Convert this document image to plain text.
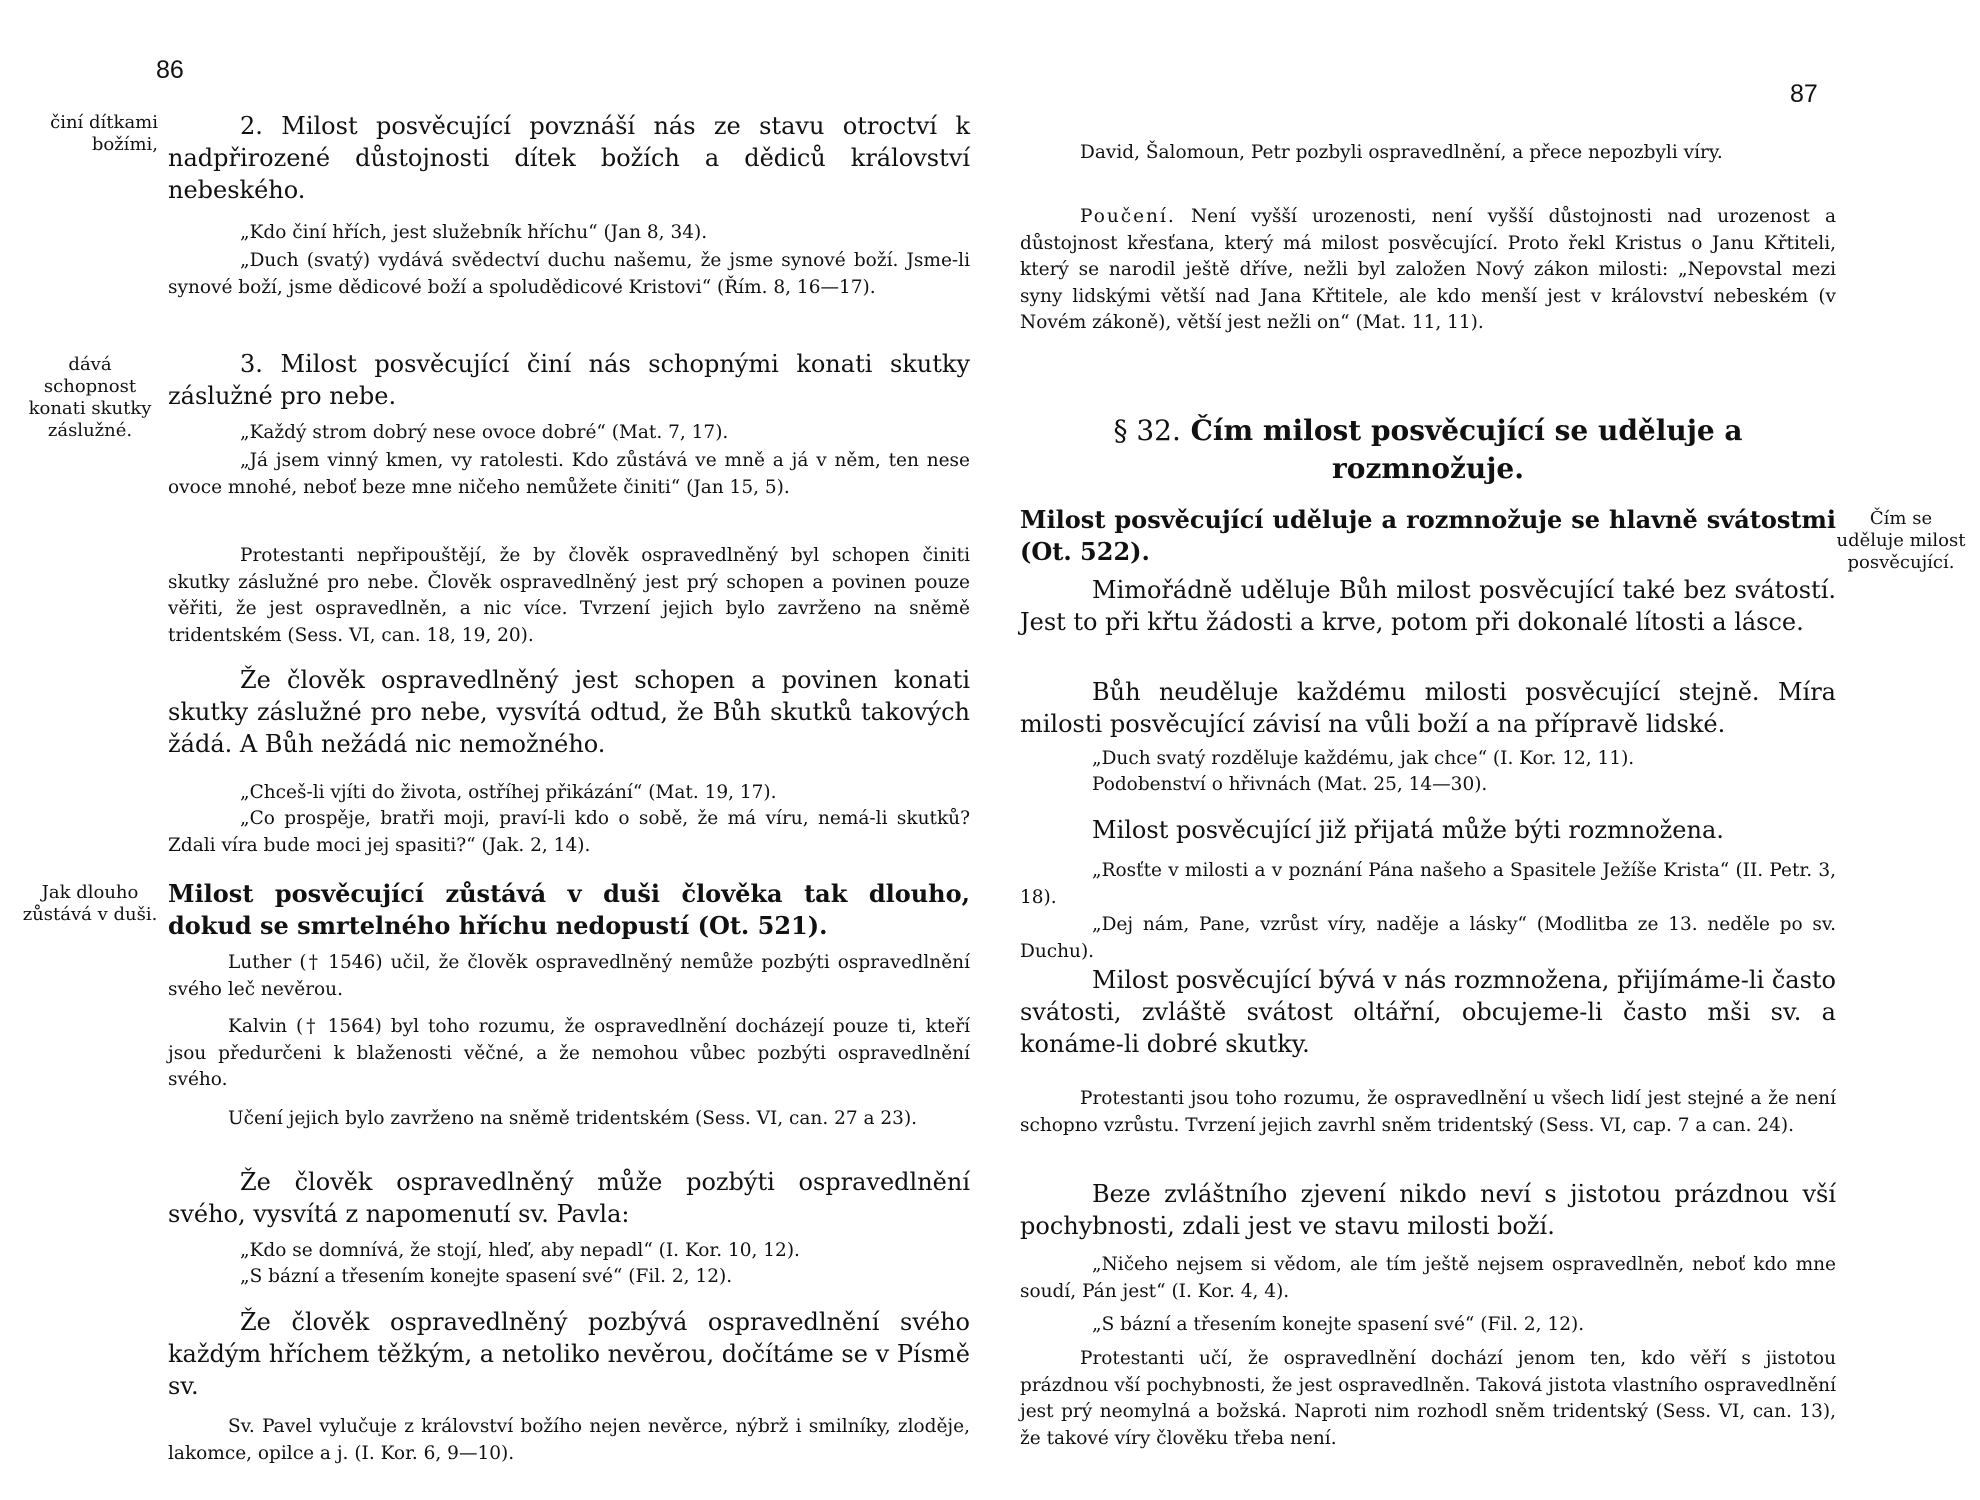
86
činí dítkami božími,
dává schopnost konati skutky záslužné.
Jak dlouho zůstává v duši.

2. Milost posvěcující povznáší nás ze stavu otroctví k nadpřirozené důstojnosti dítek božích a dědiců království nebeského.

„Kdo činí hřích, jest služebník hříchu“ (Jan 8, 34).

„Duch (svatý) vydává svědectví duchu našemu, že jsme synové boží. Jsme-li synové boží, jsme dědicové boží a spoludědicové Kristovi“ (Řím. 8, 16—17).

3. Milost posvěcující činí nás schopnými konati skutky záslužné pro nebe.

„Každý strom dobrý nese ovoce dobré“ (Mat. 7, 17).

„Já jsem vinný kmen, vy ratolesti. Kdo zůstává ve mně a já v něm, ten nese ovoce mnohé, neboť beze mne ničeho nemůžete činiti“ (Jan 15, 5).

Protestanti nepřipouštějí, že by člověk ospravedlněný byl schopen činiti skutky záslužné pro nebe. Člověk ospravedlněný jest prý schopen a povinen pouze věřiti, že jest ospravedlněn, a nic více. Tvrzení jejich bylo zavrženo na sněmě tridentském (Sess. VI, can. 18, 19, 20).

Že člověk ospravedlněný jest schopen a povinen konati skutky záslužné pro nebe, vysvítá odtud, že Bůh skutků takových žádá. A Bůh nežádá nic nemožného.

„Chceš-li vjíti do života, ostříhej přikázání“ (Mat. 19, 17).

„Co prospěje, bratři moji, praví-li kdo o sobě, že má víru, nemá-li skutků? Zdali víra bude moci jej spasiti?“ (Jak. 2, 14).

Milost posvěcující zůstává v duši člověka tak dlouho, dokud se smrtelného hříchu nedopustí (Ot. 521).

Luther († 1546) učil, že člověk ospravedlněný nemůže pozbýti ospravedlnění svého leč nevěrou.

Kalvin († 1564) byl toho rozumu, že ospravedlnění docházejí pouze ti, kteří jsou předurčeni k blaženosti věčné, a že nemohou vůbec pozbýti ospravedlnění svého.

Učení jejich bylo zavrženo na sněmě tridentském (Sess. VI, can. 27 a 23).

Že člověk ospravedlněný může pozbýti ospravedlnění svého, vysvítá z napomenutí sv. Pavla:

„Kdo se domnívá, že stojí, hleď, aby nepadl“ (I. Kor. 10, 12).

„S bázní a třesením konejte spasení své“ (Fil. 2, 12).

Že člověk ospravedlněný pozbývá ospravedlnění svého každým hříchem těžkým, a netoliko nevěrou, dočítáme se v Písmě sv.

Sv. Pavel vylučuje z království božího nejen nevěrce, nýbrž i smilníky, zloděje, lakomce, opilce a j. (I. Kor. 6, 9—10).

87
Čím se uděluje milost posvěcující.

David, Šalomoun, Petr pozbyli ospravedlnění, a přece nepozbyli víry.

Poučení. Není vyšší urozenosti, není vyšší důstojnosti nad urozenost a důstojnost křesťana, který má milost posvěcující. Proto řekl Kristus o Janu Křtiteli, který se narodil ještě dříve, nežli byl založen Nový zákon milosti: „Nepovstal mezi syny lidskými větší nad Jana Křtitele, ale kdo menší jest v království nebeském (v Novém zákoně), větší jest nežli on“ (Mat. 11, 11).

§ 32. Čím milost posvěcující se uděluje a rozmnožuje.

Milost posvěcující uděluje a rozmnožuje se hlavně svátostmi (Ot. 522).

Mimořádně uděluje Bůh milost posvěcující také bez svátostí. Jest to při křtu žádosti a krve, potom při dokonalé lítosti a lásce.

Bůh neuděluje každému milosti posvěcující stejně. Míra milosti posvěcující závisí na vůli boží a na přípravě lidské.

„Duch svatý rozděluje každému, jak chce“ (I. Kor. 12, 11).

Podobenství o hřivnách (Mat. 25, 14—30).

Milost posvěcující již přijatá může býti rozmnožena.

„Rosťte v milosti a v poznání Pána našeho a Spasitele Ježíše Krista“ (II. Petr. 3, 18).

„Dej nám, Pane, vzrůst víry, naděje a lásky“ (Modlitba ze 13. neděle po sv. Duchu).

Milost posvěcující bývá v nás rozmnožena, přijímáme-li často svátosti, zvláště svátost oltářní, obcujeme-li často mši sv. a konáme-li dobré skutky.

Protestanti jsou toho rozumu, že ospravedlnění u všech lidí jest stejné a že není schopno vzrůstu. Tvrzení jejich zavrhl sněm tridentský (Sess. VI, cap. 7 a can. 24).

Beze zvláštního zjevení nikdo neví s jistotou prázdnou vší pochybnosti, zdali jest ve stavu milosti boží.

„Ničeho nejsem si vědom, ale tím ještě nejsem ospravedlněn, neboť kdo mne soudí, Pán jest“ (I. Kor. 4, 4).

„S bázní a třesením konejte spasení své“ (Fil. 2, 12).

Protestanti učí, že ospravedlnění dochází jenom ten, kdo věří s jistotou prázdnou vší pochybnosti, že jest ospravedlněn. Taková jistota vlastního ospravedlnění jest prý neomylná a božská. Naproti nim rozhodl sněm tridentský (Sess. VI, can. 13), že takové víry člověku třeba není.
